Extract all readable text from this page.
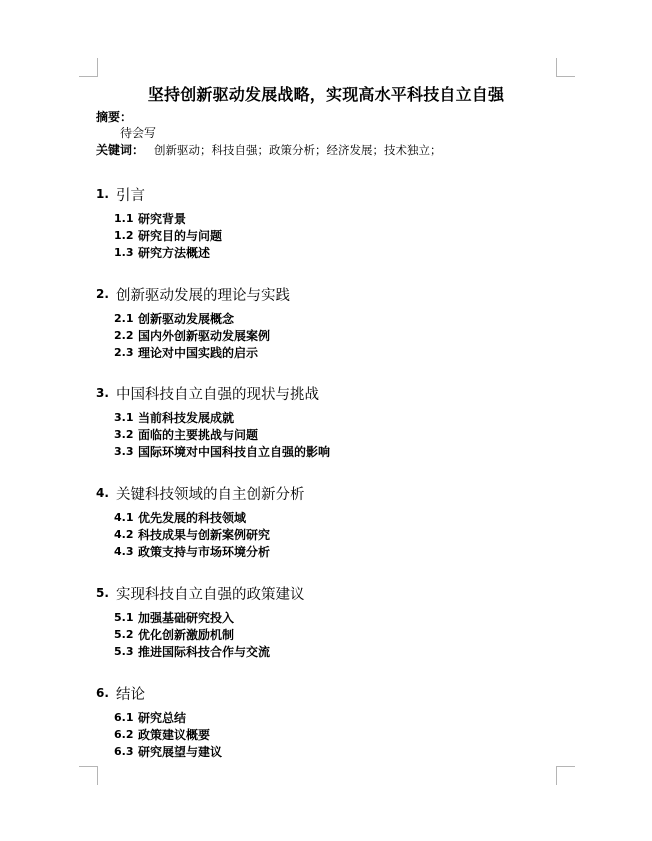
坚持创新驱动发展战略，实现高水平科技自立自强
摘要：
待会写
关键词： 创新驱动；科技自强；政策分析；经济发展；技术独立；
1. 引言
1.1 研究背景
1.2 研究目的与问题
1.3 研究方法概述
2. 创新驱动发展的理论与实践
2.1 创新驱动发展概念
2.2 国内外创新驱动发展案例
2.3 理论对中国实践的启示
3. 中国科技自立自强的现状与挑战
3.1 当前科技发展成就
3.2 面临的主要挑战与问题
3.3 国际环境对中国科技自立自强的影响
4. 关键科技领域的自主创新分析
4.1 优先发展的科技领域
4.2 科技成果与创新案例研究
4.3 政策支持与市场环境分析
5. 实现科技自立自强的政策建议
5.1 加强基础研究投入
5.2 优化创新激励机制
5.3 推进国际科技合作与交流
6. 结论
6.1 研究总结
6.2 政策建议概要
6.3 研究展望与建议
